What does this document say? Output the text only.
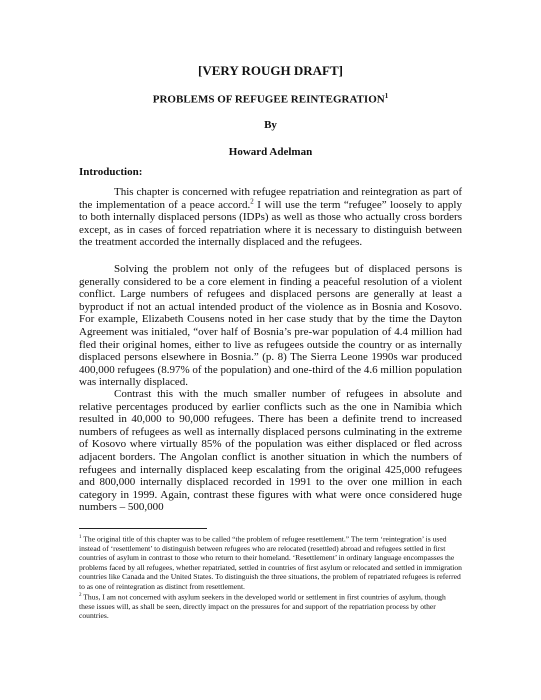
[VERY ROUGH DRAFT]
PROBLEMS OF REFUGEE REINTEGRATION$^1$
By
Howard Adelman
Introduction:

This chapter is concerned with refugee repatriation and reintegration as part of the implementation of a peace accord.$^2$ I will use the term “refugee” loosely to apply to both internally displaced persons (IDPs) as well as those who actually cross borders except, as in cases of forced repatriation where it is necessary to distinguish between the treatment accorded the internally displaced and the refugees.

Solving the problem not only of the refugees but of displaced persons is generally considered to be a core element in finding a peaceful resolution of a violent conflict. Large numbers of refugees and displaced persons are generally at least a byproduct if not an actual intended product of the violence as in Bosnia and Kosovo. For example, Elizabeth Cousens noted in her case study that by the time the Dayton Agreement was initialed, “over half of Bosnia’s pre-war population of 4.4 million had fled their original homes, either to live as refugees outside the country or as internally displaced persons elsewhere in Bosnia.” (p. 8) The Sierra Leone 1990s war produced 400,000 refugees (8.97% of the population) and one-third of the 4.6 million population was internally displaced.

Contrast this with the much smaller number of refugees in absolute and relative percentages produced by earlier conflicts such as the one in Namibia which resulted in 40,000 to 90,000 refugees. There has been a definite trend to increased numbers of refugees as well as internally displaced persons culminating in the extreme of Kosovo where virtually 85% of the population was either displaced or fled across adjacent borders. The Angolan conflict is another situation in which the numbers of refugees and internally displaced keep escalating from the original 425,000 refugees and 800,000 internally displaced recorded in 1991 to the over one million in each category in 1999. Again, contrast these figures with what were once considered huge numbers – 500,000

$^1$ The original title of this chapter was to be called “the problem of refugee resettlement.” The term ‘reintegration’ is used instead of ‘resettlement’ to distinguish between refugees who are relocated (resettled) abroad and refugees settled in first countries of asylum in contrast to those who return to their homeland. ‘Resettlement’ in ordinary language encompasses the problems faced by all refugees, whether repatriated, settled in countries of first asylum or relocated and settled in immigration countries like Canada and the United States. To distinguish the three situations, the problem of repatriated refugees is referred to as one of reintegration as distinct from resettlement.

$^2$ Thus, I am not concerned with asylum seekers in the developed world or settlement in first countries of asylum, though these issues will, as shall be seen, directly impact on the pressures for and support of the repatriation process by other countries.
